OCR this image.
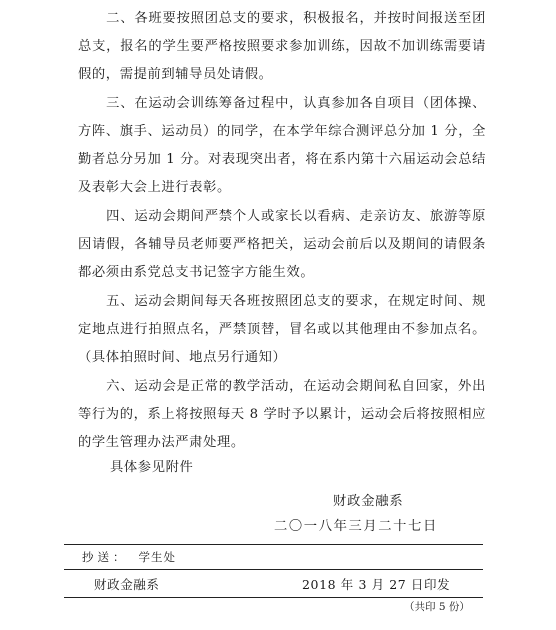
二、各班要按照团总支的要求，积极报名，并按时间报送至团总支，报名的学生要严格按照要求参加训练，因故不加训练需要请假的，需提前到辅导员处请假。

三、在运动会训练筹备过程中，认真参加各自项目（团体操、方阵、旗手、运动员）的同学，在本学年综合测评总分加 1 分，全勤者总分另加 1 分。对表现突出者，将在系内第十六届运动会总结及表彰大会上进行表彰。

四、运动会期间严禁个人或家长以看病、走亲访友、旅游等原因请假，各辅导员老师要严格把关，运动会前后以及期间的请假条都必须由系党总支书记签字方能生效。

五、运动会期间每天各班按照团总支的要求，在规定时间、规定地点进行拍照点名，严禁顶替，冒名或以其他理由不参加点名。（具体拍照时间、地点另行通知）

六、运动会是正常的教学活动，在运动会期间私自回家，外出等行为的，系上将按照每天 8 学时予以累计，运动会后将按照相应的学生管理办法严肃处理。

具体参见附件
财政金融系
二〇一八年三月二十七日
抄送： 学生处
财政金融系	2018 年 3 月 27 日印发
（共印 5 份）
